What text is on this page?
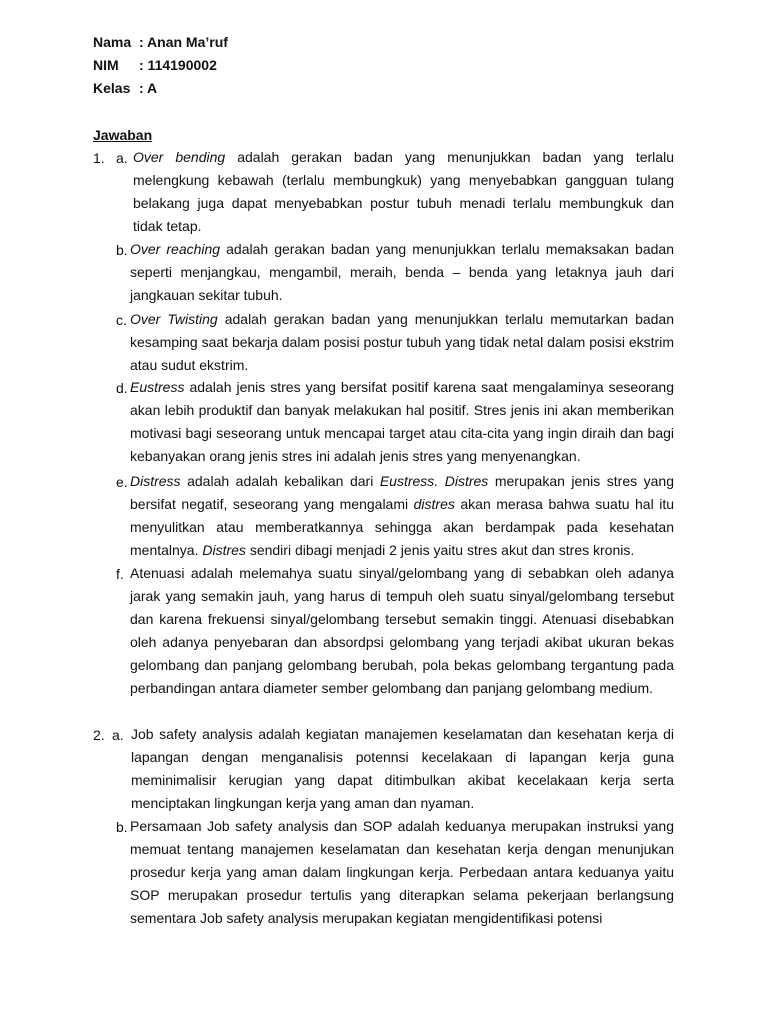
Nama : Anan Ma’ruf
NIM : 114190002
Kelas : A
Jawaban
1. a. Over bending adalah gerakan badan yang menunjukkan badan yang terlalu
melengkung kebawah (terlalu membungkuk) yang menyebabkan gangguan tulang
belakang juga dapat menyebabkan postur tubuh menadi terlalu membungkuk dan
tidak tetap.
b. Over reaching adalah gerakan badan yang menunjukkan terlalu memaksakan badan
seperti menjangkau, mengambil, meraih, benda – benda yang letaknya jauh dari
jangkauan sekitar tubuh.
c. Over Twisting adalah gerakan badan yang menunjukkan terlalu memutarkan badan
kesamping saat bekarja dalam posisi postur tubuh yang tidak netal dalam posisi ekstrim
atau sudut ekstrim.
d. Eustress adalah jenis stres yang bersifat positif karena saat mengalaminya seseorang
akan lebih produktif dan banyak melakukan hal positif. Stres jenis ini akan memberikan
motivasi bagi seseorang untuk mencapai target atau cita-cita yang ingin diraih dan bagi
kebanyakan orang jenis stres ini adalah jenis stres yang menyenangkan.
e. Distress adalah adalah kebalikan dari Eustress. Distres merupakan jenis stres yang
bersifat negatif, seseorang yang mengalami distres akan merasa bahwa suatu hal itu
menyulitkan atau memberatkannya sehingga akan berdampak pada kesehatan
mentalnya. Distres sendiri dibagi menjadi 2 jenis yaitu stres akut dan stres kronis.
f. Atenuasi adalah melemahya suatu sinyal/gelombang yang di sebabkan oleh adanya
jarak yang semakin jauh, yang harus di tempuh oleh suatu sinyal/gelombang tersebut
dan karena frekuensi sinyal/gelombang tersebut semakin tinggi. Atenuasi disebabkan
oleh adanya penyebaran dan absordpsi gelombang yang terjadi akibat ukuran bekas
gelombang dan panjang gelombang berubah, pola bekas gelombang tergantung pada
perbandingan antara diameter sember gelombang dan panjang gelombang medium.
2. a. Job safety analysis adalah kegiatan manajemen keselamatan dan kesehatan kerja di
lapangan dengan menganalisis potennsi kecelakaan di lapangan kerja guna
meminimalisir kerugian yang dapat ditimbulkan akibat kecelakaan kerja serta
menciptakan lingkungan kerja yang aman dan nyaman.
b. Persamaan Job safety analysis dan SOP adalah keduanya merupakan instruksi yang
memuat tentang manajemen keselamatan dan kesehatan kerja dengan menunjukan
prosedur kerja yang aman dalam lingkungan kerja. Perbedaan antara keduanya yaitu
SOP merupakan prosedur tertulis yang diterapkan selama pekerjaan berlangsung
sementara Job safety analysis merupakan kegiatan mengidentifikasi potensi
